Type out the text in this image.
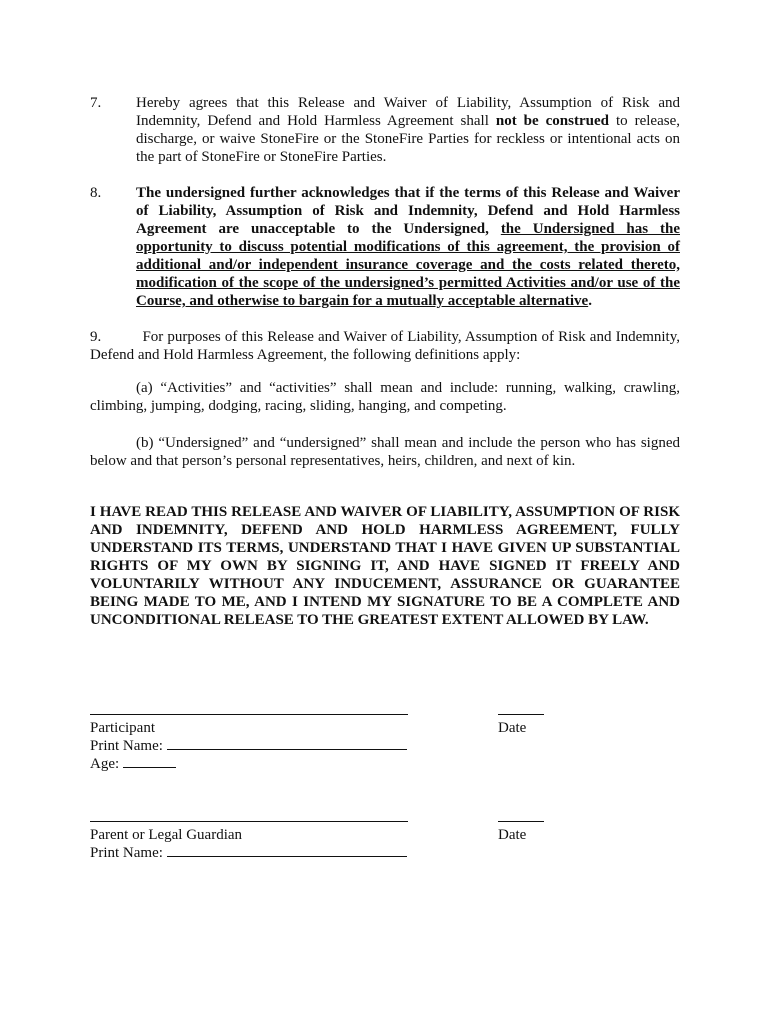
7. Hereby agrees that this Release and Waiver of Liability, Assumption of Risk and Indemnity, Defend and Hold Harmless Agreement shall not be construed to release, discharge, or waive StoneFire or the StoneFire Parties for reckless or intentional acts on the part of StoneFire or StoneFire Parties.
8. The undersigned further acknowledges that if the terms of this Release and Waiver of Liability, Assumption of Risk and Indemnity, Defend and Hold Harmless Agreement are unacceptable to the Undersigned, the Undersigned has the opportunity to discuss potential modifications of this agreement, the provision of additional and/or independent insurance coverage and the costs related thereto, modification of the scope of the undersigned’s permitted Activities and/or use of the Course, and otherwise to bargain for a mutually acceptable alternative.
9.          For purposes of this Release and Waiver of Liability, Assumption of Risk and Indemnity, Defend and Hold Harmless Agreement, the following definitions apply:
(a) “Activities” and “activities” shall mean and include: running, walking, crawling, climbing, jumping, dodging, racing, sliding, hanging, and competing.
(b) “Undersigned” and “undersigned” shall mean and include the person who has signed below and that person’s personal representatives, heirs, children, and next of kin.
I HAVE READ THIS RELEASE AND WAIVER OF LIABILITY, ASSUMPTION OF RISK AND INDEMNITY, DEFEND AND HOLD HARMLESS AGREEMENT, FULLY UNDERSTAND ITS TERMS, UNDERSTAND THAT I HAVE GIVEN UP SUBSTANTIAL RIGHTS OF MY OWN BY SIGNING IT, AND HAVE SIGNED IT FREELY AND VOLUNTARILY WITHOUT ANY INDUCEMENT, ASSURANCE OR GUARANTEE BEING MADE TO ME, AND I INTEND MY SIGNATURE TO BE A COMPLETE AND UNCONDITIONAL RELEASE TO THE GREATEST EXTENT ALLOWED BY LAW.
Participant	Date
Print Name:
Age:
Parent or Legal Guardian	Date
Print Name:
